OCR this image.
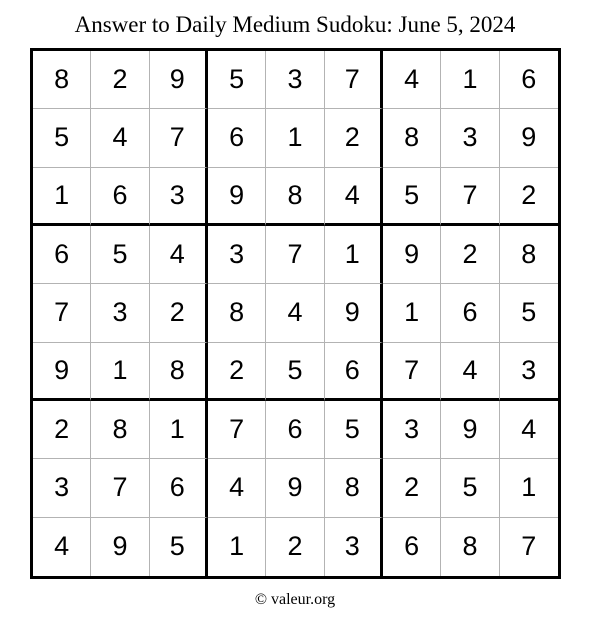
Answer to Daily Medium Sudoku: June 5, 2024
8	2	9	5	3	7	4	1	6
5	4	7	6	1	2	8	3	9
1	6	3	9	8	4	5	7	2
6	5	4	3	7	1	9	2	8
7	3	2	8	4	9	1	6	5
9	1	8	2	5	6	7	4	3
2	8	1	7	6	5	3	9	4
3	7	6	4	9	8	2	5	1
4	9	5	1	2	3	6	8	7
© valeur.org
